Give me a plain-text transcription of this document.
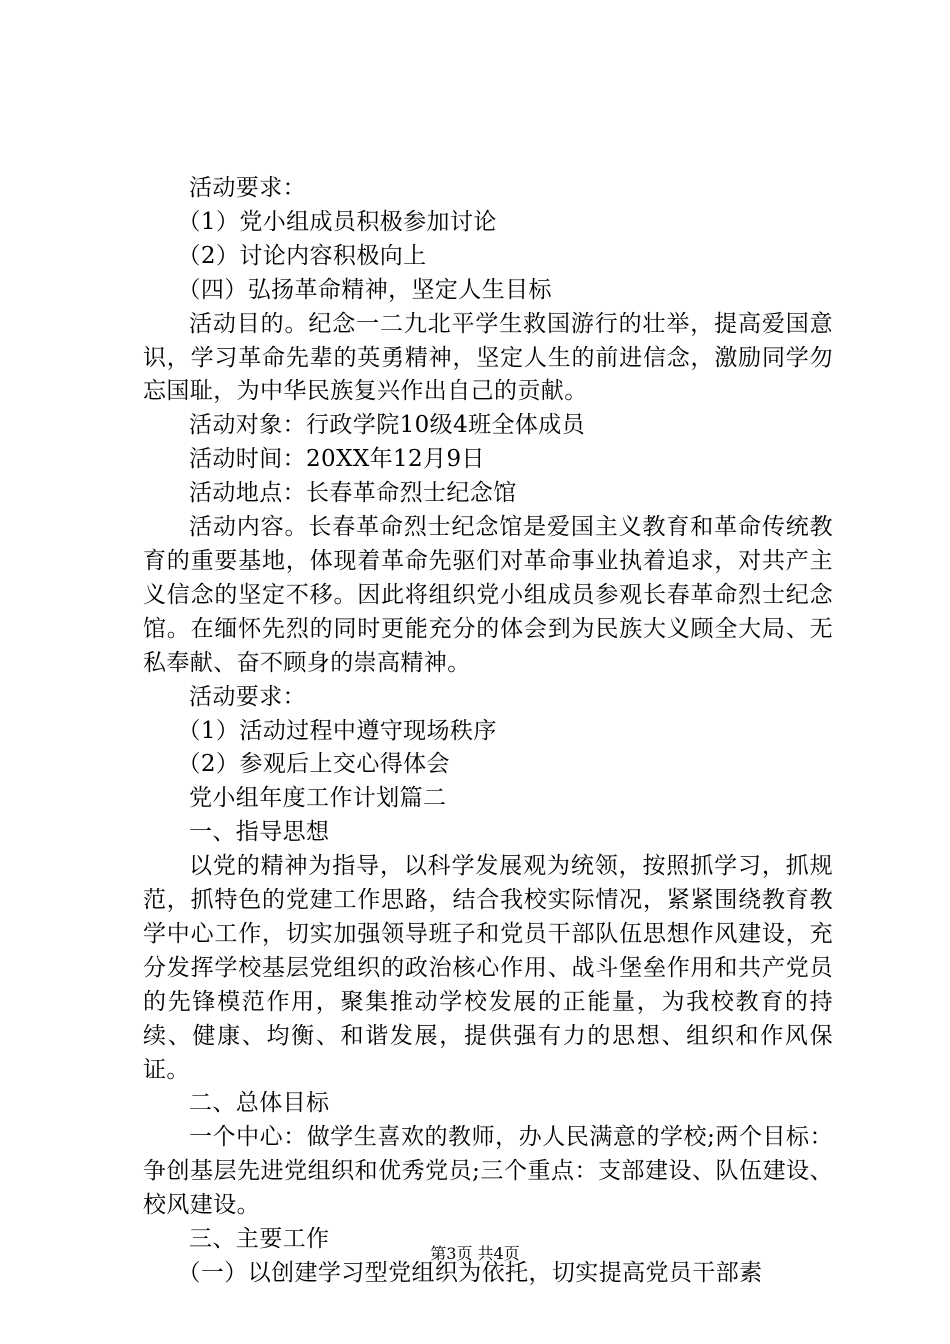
活动要求：

（1）党小组成员积极参加讨论

（2）讨论内容积极向上

（四）弘扬革命精神，坚定人生目标

活动目的。纪念一二九北平学生救国游行的壮举，提高爱国意识，学习革命先辈的英勇精神，坚定人生的前进信念，激励同学勿忘国耻，为中华民族复兴作出自己的贡献。

活动对象：行政学院10级4班全体成员

活动时间：20XX年12月9日

活动地点：长春革命烈士纪念馆

活动内容。长春革命烈士纪念馆是爱国主义教育和革命传统教育的重要基地，体现着革命先驱们对革命事业执着追求，对共产主义信念的坚定不移。因此将组织党小组成员参观长春革命烈士纪念馆。在缅怀先烈的同时更能充分的体会到为民族大义顾全大局、无私奉献、奋不顾身的崇高精神。

活动要求：

（1）活动过程中遵守现场秩序

（2）参观后上交心得体会

党小组年度工作计划篇二

一、指导思想

以党的精神为指导，以科学发展观为统领，按照抓学习，抓规范，抓特色的党建工作思路，结合我校实际情况，紧紧围绕教育教学中心工作，切实加强领导班子和党员干部队伍思想作风建设，充分发挥学校基层党组织的政治核心作用、战斗堡垒作用和共产党员的先锋模范作用，聚集推动学校发展的正能量，为我校教育的持续、健康、均衡、和谐发展，提供强有力的思想、组织和作风保证。

二、总体目标

一个中心：做学生喜欢的教师，办人民满意的学校;两个目标：争创基层先进党组织和优秀党员;三个重点：支部建设、队伍建设、校风建设。

三、主要工作

（一）以创建学习型党组织为依托，切实提高党员干部素

第3页 共4页
